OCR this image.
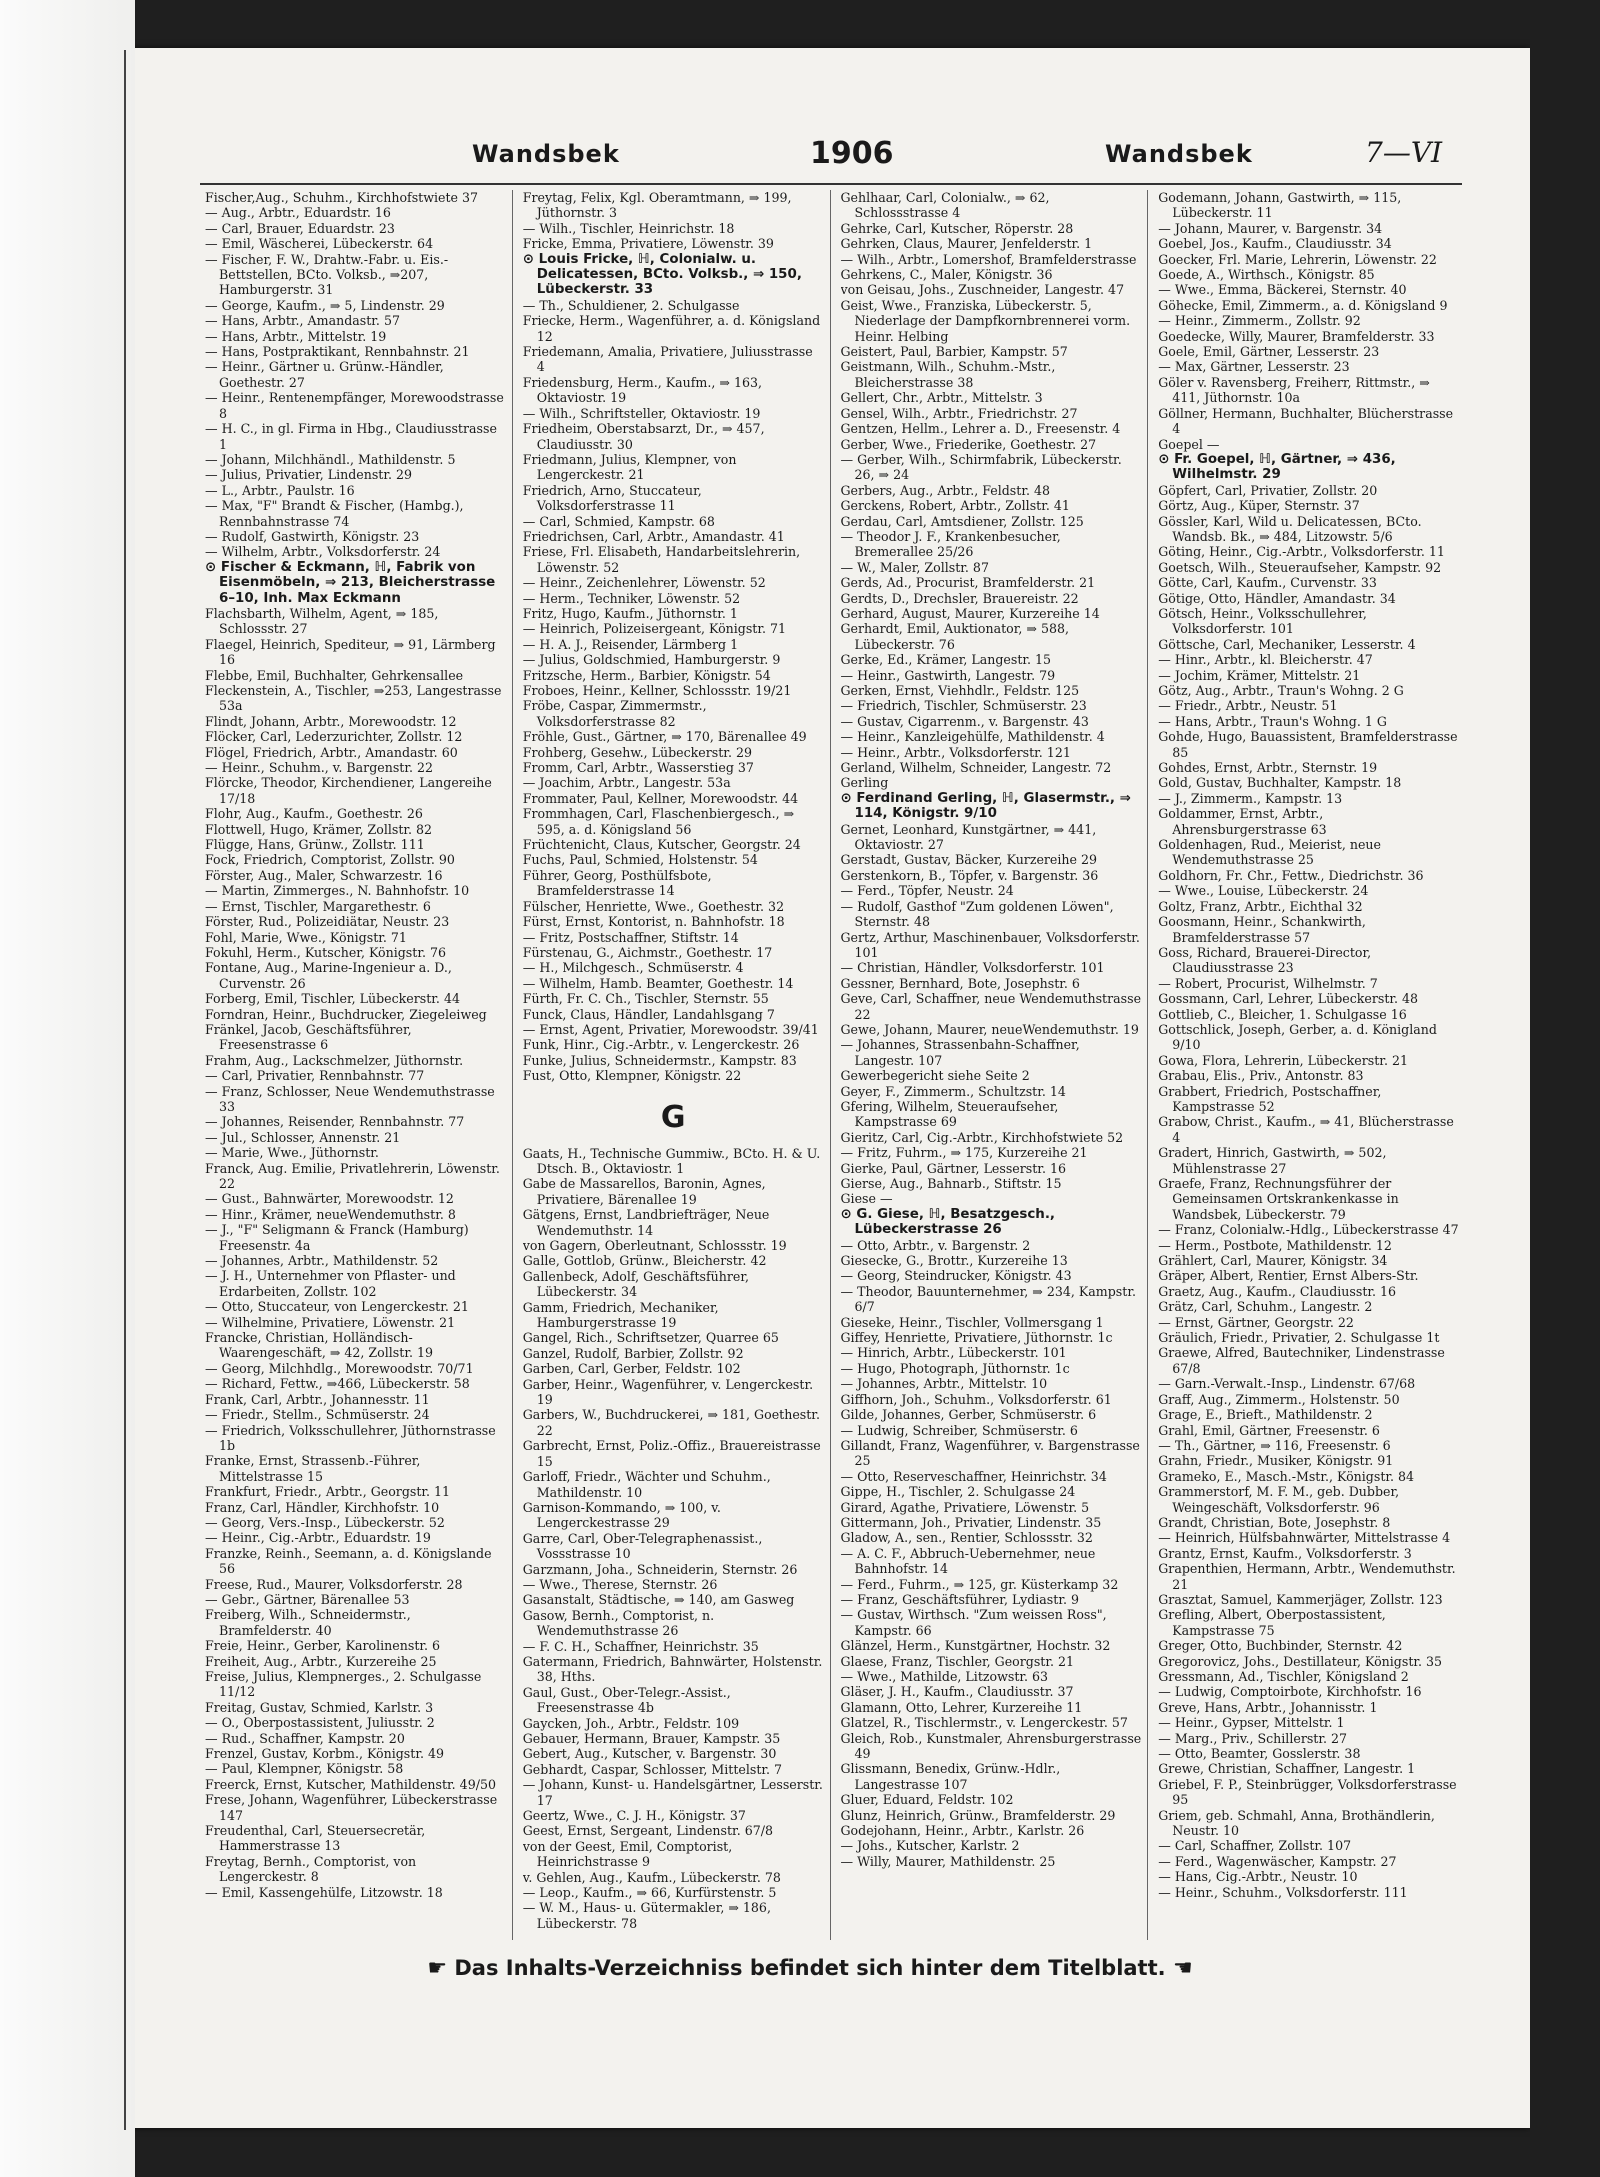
Wandsbek	1906	Wandsbek	7—VI
Fischer,Aug., Schuhm., Kirchhofstwiete 37
— Aug., Arbtr., Eduardstr. 16
— Carl, Brauer, Eduardstr. 23
— Emil, Wäscherei, Lübeckerstr. 64
— Fischer, F. W., Drahtw.-Fabr. u. Eis.-Bettstellen, BCto. Volksb., ⇒207, Hamburgerstr. 31
— George, Kaufm., ⇒ 5, Lindenstr. 29
— Hans, Arbtr., Amandastr. 57
— Hans, Arbtr., Mittelstr. 19
— Hans, Postpraktikant, Rennbahnstr. 21
— Heinr., Gärtner u. Grünw.-Händler, Goethestr. 27
— Heinr., Rentenempfänger, Morewoodstrasse 8
— H. C., in gl. Firma in Hbg., Claudiusstrasse 1
— Johann, Milchhändl., Mathildenstr. 5
— Julius, Privatier, Lindenstr. 29
— L., Arbtr., Paulstr. 16
— Max, "F" Brandt & Fischer, (Hambg.), Rennbahnstrasse 74
— Rudolf, Gastwirth, Königstr. 23
— Wilhelm, Arbtr., Volksdorferstr. 24
⊙ Fischer & Eckmann, ℍ, Fabrik von Eisenmöbeln, ⇒ 213, Bleicherstrasse 6–10, Inh. Max Eckmann
Flachsbarth, Wilhelm, Agent, ⇒ 185, Schlossstr. 27
Flaegel, Heinrich, Spediteur, ⇒ 91, Lärmberg 16
Flebbe, Emil, Buchhalter, Gehrkensallee
Fleckenstein, A., Tischler, ⇒253, Langestrasse 53a
Flindt, Johann, Arbtr., Morewoodstr. 12
Flöcker, Carl, Lederzurichter, Zollstr. 12
Flögel, Friedrich, Arbtr., Amandastr. 60
— Heinr., Schuhm., v. Bargenstr. 22
Flörcke, Theodor, Kirchendiener, Langereihe 17/18
Flohr, Aug., Kaufm., Goethestr. 26
Flottwell, Hugo, Krämer, Zollstr. 82
Flügge, Hans, Grünw., Zollstr. 111
Fock, Friedrich, Comptorist, Zollstr. 90
Förster, Aug., Maler, Schwarzestr. 16
— Martin, Zimmerges., N. Bahnhofstr. 10
— Ernst, Tischler, Margarethestr. 6
Förster, Rud., Polizeidiätar, Neustr. 23
Fohl, Marie, Wwe., Königstr. 71
Fokuhl, Herm., Kutscher, Königstr. 76
Fontane, Aug., Marine-Ingenieur a. D., Curvenstr. 26
Forberg, Emil, Tischler, Lübeckerstr. 44
Forndran, Heinr., Buchdrucker, Ziegeleiweg
Fränkel, Jacob, Geschäftsführer, Freesenstrasse 6
Frahm, Aug., Lackschmelzer, Jüthornstr.
— Carl, Privatier, Rennbahnstr. 77
— Franz, Schlosser, Neue Wendemuthstrasse 33
— Johannes, Reisender, Rennbahnstr. 77
— Jul., Schlosser, Annenstr. 21
— Marie, Wwe., Jüthornstr.
Franck, Aug. Emilie, Privatlehrerin, Löwenstr. 22
— Gust., Bahnwärter, Morewoodstr. 12
— Hinr., Krämer, neueWendemuthstr. 8
— J., "F" Seligmann & Franck (Hamburg) Freesenstr. 4a
— Johannes, Arbtr., Mathildenstr. 52
— J. H., Unternehmer von Pflaster- und Erdarbeiten, Zollstr. 102
— Otto, Stuccateur, von Lengerckestr. 21
— Wilhelmine, Privatiere, Löwenstr. 21
Francke, Christian, Holländisch-Waarengeschäft, ⇒ 42, Zollstr. 19
— Georg, Milchhdlg., Morewoodstr. 70/71
— Richard, Fettw., ⇒466, Lübeckerstr. 58
Frank, Carl, Arbtr., Johannesstr. 11
— Friedr., Stellm., Schmüserstr. 24
— Friedrich, Volksschullehrer, Jüthornstrasse 1b
Franke, Ernst, Strassenb.-Führer, Mittelstrasse 15
Frankfurt, Friedr., Arbtr., Georgstr. 11
Franz, Carl, Händler, Kirchhofstr. 10
— Georg, Vers.-Insp., Lübeckerstr. 52
— Heinr., Cig.-Arbtr., Eduardstr. 19
Franzke, Reinh., Seemann, a. d. Königslande 56
Freese, Rud., Maurer, Volksdorferstr. 28
— Gebr., Gärtner, Bärenallee 53
Freiberg, Wilh., Schneidermstr., Bramfelderstr. 40
Freie, Heinr., Gerber, Karolinenstr. 6
Freiheit, Aug., Arbtr., Kurzereihe 25
Freise, Julius, Klempnerges., 2. Schulgasse 11/12
Freitag, Gustav, Schmied, Karlstr. 3
— O., Oberpostassistent, Juliusstr. 2
— Rud., Schaffner, Kampstr. 20
Frenzel, Gustav, Korbm., Königstr. 49
— Paul, Klempner, Königstr. 58
Freerck, Ernst, Kutscher, Mathildenstr. 49/50
Frese, Johann, Wagenführer, Lübeckerstrasse 147
Freudenthal, Carl, Steuersecretär, Hammerstrasse 13
Freytag, Bernh., Comptorist, von Lengerckestr. 8
— Emil, Kassengehülfe, Litzowstr. 18
Freytag, Felix, Kgl. Oberamtmann, ⇒ 199, Jüthornstr. 3
— Wilh., Tischler, Heinrichstr. 18
Fricke, Emma, Privatiere, Löwenstr. 39
⊙ Louis Fricke, ℍ, Colonialw. u. Delicatessen, BCto. Volksb., ⇒ 150, Lübeckerstr. 33
— Th., Schuldiener, 2. Schulgasse
Friecke, Herm., Wagenführer, a. d. Königsland 12
Friedemann, Amalia, Privatiere, Juliusstrasse 4
Friedensburg, Herm., Kaufm., ⇒ 163, Oktaviostr. 19
— Wilh., Schriftsteller, Oktaviostr. 19
Friedheim, Oberstabsarzt, Dr., ⇒ 457, Claudiusstr. 30
Friedmann, Julius, Klempner, von Lengerckestr. 21
Friedrich, Arno, Stuccateur, Volksdorferstrasse 11
— Carl, Schmied, Kampstr. 68
Friedrichsen, Carl, Arbtr., Amandastr. 41
Friese, Frl. Elisabeth, Handarbeitslehrerin, Löwenstr. 52
— Heinr., Zeichenlehrer, Löwenstr. 52
— Herm., Techniker, Löwenstr. 52
Fritz, Hugo, Kaufm., Jüthornstr. 1
— Heinrich, Polizeisergeant, Königstr. 71
— H. A. J., Reisender, Lärmberg 1
— Julius, Goldschmied, Hamburgerstr. 9
Fritzsche, Herm., Barbier, Königstr. 54
Froboes, Heinr., Kellner, Schlossstr. 19/21
Fröbe, Caspar, Zimmermstr., Volksdorferstrasse 82
Fröhle, Gust., Gärtner, ⇒ 170, Bärenallee 49
Frohberg, Gesehw., Lübeckerstr. 29
Fromm, Carl, Arbtr., Wasserstieg 37
— Joachim, Arbtr., Langestr. 53a
Frommater, Paul, Kellner, Morewoodstr. 44
Frommhagen, Carl, Flaschenbiergesch., ⇒ 595, a. d. Königsland 56
Früchtenicht, Claus, Kutscher, Georgstr. 24
Fuchs, Paul, Schmied, Holstenstr. 54
Führer, Georg, Posthülfsbote, Bramfelderstrasse 14
Fülscher, Henriette, Wwe., Goethestr. 32
Fürst, Ernst, Kontorist, n. Bahnhofstr. 18
— Fritz, Postschaffner, Stiftstr. 14
Fürstenau, G., Aichmstr., Goethestr. 17
— H., Milchgesch., Schmüserstr. 4
— Wilhelm, Hamb. Beamter, Goethestr. 14
Fürth, Fr. C. Ch., Tischler, Sternstr. 55
Funck, Claus, Händler, Landahlsgang 7
— Ernst, Agent, Privatier, Morewoodstr. 39/41
Funk, Hinr., Cig.-Arbtr., v. Lengerckestr. 26
Funke, Julius, Schneidermstr., Kampstr. 83
Fust, Otto, Klempner, Königstr. 22
G
Gaats, H., Technische Gummiw., BCto. H. & U. Dtsch. B., Oktaviostr. 1
Gabe de Massarellos, Baronin, Agnes, Privatiere, Bärenallee 19
Gätgens, Ernst, Landbriefträger, Neue Wendemuthstr. 14
von Gagern, Oberleutnant, Schlossstr. 19
Galle, Gottlob, Grünw., Bleicherstr. 42
Gallenbeck, Adolf, Geschäftsführer, Lübeckerstr. 34
Gamm, Friedrich, Mechaniker, Hamburgerstrasse 19
Gangel, Rich., Schriftsetzer, Quarree 65
Ganzel, Rudolf, Barbier, Zollstr. 92
Garben, Carl, Gerber, Feldstr. 102
Garber, Heinr., Wagenführer, v. Lengerckestr. 19
Garbers, W., Buchdruckerei, ⇒ 181, Goethestr. 22
Garbrecht, Ernst, Poliz.-Offiz., Brauereistrasse 15
Garloff, Friedr., Wächter und Schuhm., Mathildenstr. 10
Garnison-Kommando, ⇒ 100, v. Lengerckestrasse 29
Garre, Carl, Ober-Telegraphenassist., Vossstrasse 10
Garzmann, Joha., Schneiderin, Sternstr. 26
— Wwe., Therese, Sternstr. 26
Gasanstalt, Städtische, ⇒ 140, am Gasweg
Gasow, Bernh., Comptorist, n. Wendemuthstrasse 26
— F. C. H., Schaffner, Heinrichstr. 35
Gatermann, Friedrich, Bahnwärter, Holstenstr. 38, Hths.
Gaul, Gust., Ober-Telegr.-Assist., Freesenstrasse 4b
Gaycken, Joh., Arbtr., Feldstr. 109
Gebauer, Hermann, Brauer, Kampstr. 35
Gebert, Aug., Kutscher, v. Bargenstr. 30
Gebhardt, Caspar, Schlosser, Mittelstr. 7
— Johann, Kunst- u. Handelsgärtner, Lesserstr. 17
Geertz, Wwe., C. J. H., Königstr. 37
Geest, Ernst, Sergeant, Lindenstr. 67/8
von der Geest, Emil, Comptorist, Heinrichstrasse 9
v. Gehlen, Aug., Kaufm., Lübeckerstr. 78
— Leop., Kaufm., ⇒ 66, Kurfürstenstr. 5
— W. M., Haus- u. Gütermakler, ⇒ 186, Lübeckerstr. 78
Gehlhaar, Carl, Colonialw., ⇒ 62, Schlossstrasse 4
Gehrke, Carl, Kutscher, Röperstr. 28
Gehrken, Claus, Maurer, Jenfelderstr. 1
— Wilh., Arbtr., Lomershof, Bramfelderstrasse
Gehrkens, C., Maler, Königstr. 36
von Geisau, Johs., Zuschneider, Langestr. 47
Geist, Wwe., Franziska, Lübeckerstr. 5, Niederlage der Dampfkornbrennerei vorm. Heinr. Helbing
Geistert, Paul, Barbier, Kampstr. 57
Geistmann, Wilh., Schuhm.-Mstr., Bleicherstrasse 38
Gellert, Chr., Arbtr., Mittelstr. 3
Gensel, Wilh., Arbtr., Friedrichstr. 27
Gentzen, Hellm., Lehrer a. D., Freesenstr. 4
Gerber, Wwe., Friederike, Goethestr. 27
— Gerber, Wilh., Schirmfabrik, Lübeckerstr. 26, ⇒ 24
Gerbers, Aug., Arbtr., Feldstr. 48
Gerckens, Robert, Arbtr., Zollstr. 41
Gerdau, Carl, Amtsdiener, Zollstr. 125
— Theodor J. F., Krankenbesucher, Bremerallee 25/26
— W., Maler, Zollstr. 87
Gerds, Ad., Procurist, Bramfelderstr. 21
Gerdts, D., Drechsler, Brauereistr. 22
Gerhard, August, Maurer, Kurzereihe 14
Gerhardt, Emil, Auktionator, ⇒ 588, Lübeckerstr. 76
Gerke, Ed., Krämer, Langestr. 15
— Heinr., Gastwirth, Langestr. 79
Gerken, Ernst, Viehhdlr., Feldstr. 125
— Friedrich, Tischler, Schmüserstr. 23
— Gustav, Cigarrenm., v. Bargenstr. 43
— Heinr., Kanzleigehülfe, Mathildenstr. 4
— Heinr., Arbtr., Volksdorferstr. 121
Gerland, Wilhelm, Schneider, Langestr. 72
Gerling
⊙ Ferdinand Gerling, ℍ, Glasermstr., ⇒ 114, Königstr. 9/10
Gernet, Leonhard, Kunstgärtner, ⇒ 441, Oktaviostr. 27
Gerstadt, Gustav, Bäcker, Kurzereihe 29
Gerstenkorn, B., Töpfer, v. Bargenstr. 36
— Ferd., Töpfer, Neustr. 24
— Rudolf, Gasthof "Zum goldenen Löwen", Sternstr. 48
Gertz, Arthur, Maschinenbauer, Volksdorferstr. 101
— Christian, Händler, Volksdorferstr. 101
Gessner, Bernhard, Bote, Josephstr. 6
Geve, Carl, Schaffner, neue Wendemuthstrasse 22
Gewe, Johann, Maurer, neueWendemuthstr. 19
— Johannes, Strassenbahn-Schaffner, Langestr. 107
Gewerbegericht siehe Seite 2
Geyer, F., Zimmerm., Schultzstr. 14
Gfering, Wilhelm, Steueraufseher, Kampstrasse 69
Gieritz, Carl, Cig.-Arbtr., Kirchhofstwiete 52
— Fritz, Fuhrm., ⇒ 175, Kurzereihe 21
Gierke, Paul, Gärtner, Lesserstr. 16
Gierse, Aug., Bahnarb., Stiftstr. 15
Giese —
⊙ G. Giese, ℍ, Besatzgesch., Lübeckerstrasse 26
— Otto, Arbtr., v. Bargenstr. 2
Giesecke, G., Brottr., Kurzereihe 13
— Georg, Steindrucker, Königstr. 43
— Theodor, Bauunternehmer, ⇒ 234, Kampstr. 6/7
Gieseke, Heinr., Tischler, Vollmersgang 1
Giffey, Henriette, Privatiere, Jüthornstr. 1c
— Hinrich, Arbtr., Lübeckerstr. 101
— Hugo, Photograph, Jüthornstr. 1c
— Johannes, Arbtr., Mittelstr. 10
Giffhorn, Joh., Schuhm., Volksdorferstr. 61
Gilde, Johannes, Gerber, Schmüserstr. 6
— Ludwig, Schreiber, Schmüserstr. 6
Gillandt, Franz, Wagenführer, v. Bargenstrasse 25
— Otto, Reserveschaffner, Heinrichstr. 34
Gippe, H., Tischler, 2. Schulgasse 24
Girard, Agathe, Privatiere, Löwenstr. 5
Gittermann, Joh., Privatier, Lindenstr. 35
Gladow, A., sen., Rentier, Schlossstr. 32
— A. C. F., Abbruch-Uebernehmer, neue Bahnhofstr. 14
— Ferd., Fuhrm., ⇒ 125, gr. Küsterkamp 32
— Franz, Geschäftsführer, Lydiastr. 9
— Gustav, Wirthsch. "Zum weissen Ross", Kampstr. 66
Glänzel, Herm., Kunstgärtner, Hochstr. 32
Glaese, Franz, Tischler, Georgstr. 21
— Wwe., Mathilde, Litzowstr. 63
Gläser, J. H., Kaufm., Claudiusstr. 37
Glamann, Otto, Lehrer, Kurzereihe 11
Glatzel, R., Tischlermstr., v. Lengerckestr. 57
Gleich, Rob., Kunstmaler, Ahrensburgerstrasse 49
Glissmann, Benedix, Grünw.-Hdlr., Langestrasse 107
Gluer, Eduard, Feldstr. 102
Glunz, Heinrich, Grünw., Bramfelderstr. 29
Godejohann, Heinr., Arbtr., Karlstr. 26
— Johs., Kutscher, Karlstr. 2
— Willy, Maurer, Mathildenstr. 25
Godemann, Johann, Gastwirth, ⇒ 115, Lübeckerstr. 11
— Johann, Maurer, v. Bargenstr. 34
Goebel, Jos., Kaufm., Claudiusstr. 34
Goecker, Frl. Marie, Lehrerin, Löwenstr. 22
Goede, A., Wirthsch., Königstr. 85
— Wwe., Emma, Bäckerei, Sternstr. 40
Göhecke, Emil, Zimmerm., a. d. Königsland 9
— Heinr., Zimmerm., Zollstr. 92
Goedecke, Willy, Maurer, Bramfelderstr. 33
Goele, Emil, Gärtner, Lesserstr. 23
— Max, Gärtner, Lesserstr. 23
Göler v. Ravensberg, Freiherr, Rittmstr., ⇒ 411, Jüthornstr. 10a
Göllner, Hermann, Buchhalter, Blücherstrasse 4
Goepel —
⊙ Fr. Goepel, ℍ, Gärtner, ⇒ 436, Wilhelmstr. 29
Göpfert, Carl, Privatier, Zollstr. 20
Görtz, Aug., Küper, Sternstr. 37
Gössler, Karl, Wild u. Delicatessen, BCto. Wandsb. Bk., ⇒ 484, Litzowstr. 5/6
Göting, Heinr., Cig.-Arbtr., Volksdorferstr. 11
Goetsch, Wilh., Steueraufseher, Kampstr. 92
Götte, Carl, Kaufm., Curvenstr. 33
Götige, Otto, Händler, Amandastr. 34
Götsch, Heinr., Volksschullehrer, Volksdorferstr. 101
Göttsche, Carl, Mechaniker, Lesserstr. 4
— Hinr., Arbtr., kl. Bleicherstr. 47
— Jochim, Krämer, Mittelstr. 21
Götz, Aug., Arbtr., Traun's Wohng. 2 G
— Friedr., Arbtr., Neustr. 51
— Hans, Arbtr., Traun's Wohng. 1 G
Gohde, Hugo, Bauassistent, Bramfelderstrasse 85
Gohdes, Ernst, Arbtr., Sternstr. 19
Gold, Gustav, Buchhalter, Kampstr. 18
— J., Zimmerm., Kampstr. 13
Goldammer, Ernst, Arbtr., Ahrensburgerstrasse 63
Goldenhagen, Rud., Meierist, neue Wendemuthstrasse 25
Goldhorn, Fr. Chr., Fettw., Diedrichstr. 36
— Wwe., Louise, Lübeckerstr. 24
Goltz, Franz, Arbtr., Eichthal 32
Goosmann, Heinr., Schankwirth, Bramfelderstrasse 57
Goss, Richard, Brauerei-Director, Claudiusstrasse 23
— Robert, Procurist, Wilhelmstr. 7
Gossmann, Carl, Lehrer, Lübeckerstr. 48
Gottlieb, C., Bleicher, 1. Schulgasse 16
Gottschlick, Joseph, Gerber, a. d. Königland 9/10
Gowa, Flora, Lehrerin, Lübeckerstr. 21
Grabau, Elis., Priv., Antonstr. 83
Grabbert, Friedrich, Postschaffner, Kampstrasse 52
Grabow, Christ., Kaufm., ⇒ 41, Blücherstrasse 4
Gradert, Hinrich, Gastwirth, ⇒ 502, Mühlenstrasse 27
Graefe, Franz, Rechnungsführer der Gemeinsamen Ortskrankenkasse in Wandsbek, Lübeckerstr. 79
— Franz, Colonialw.-Hdlg., Lübeckerstrasse 47
— Herm., Postbote, Mathildenstr. 12
Grählert, Carl, Maurer, Königstr. 34
Gräper, Albert, Rentier, Ernst Albers-Str.
Graetz, Aug., Kaufm., Claudiusstr. 16
Grätz, Carl, Schuhm., Langestr. 2
— Ernst, Gärtner, Georgstr. 22
Gräulich, Friedr., Privatier, 2. Schulgasse 1t
Graewe, Alfred, Bautechniker, Lindenstrasse 67/8
— Garn.-Verwalt.-Insp., Lindenstr. 67/68
Graff, Aug., Zimmerm., Holstenstr. 50
Grage, E., Brieft., Mathildenstr. 2
Grahl, Emil, Gärtner, Freesenstr. 6
— Th., Gärtner, ⇒ 116, Freesenstr. 6
Grahn, Friedr., Musiker, Königstr. 91
Grameko, E., Masch.-Mstr., Königstr. 84
Grammerstorf, M. F. M., geb. Dubber, Weingeschäft, Volksdorferstr. 96
Grandt, Christian, Bote, Josephstr. 8
— Heinrich, Hülfsbahnwärter, Mittelstrasse 4
Grantz, Ernst, Kaufm., Volksdorferstr. 3
Grapenthien, Hermann, Arbtr., Wendemuthstr. 21
Grasztat, Samuel, Kammerjäger, Zollstr. 123
Grefling, Albert, Oberpostassistent, Kampstrasse 75
Greger, Otto, Buchbinder, Sternstr. 42
Gregorovicz, Johs., Destillateur, Königstr. 35
Gressmann, Ad., Tischler, Königsland 2
— Ludwig, Comptoirbote, Kirchhofstr. 16
Greve, Hans, Arbtr., Johannisstr. 1
— Heinr., Gypser, Mittelstr. 1
— Marg., Priv., Schillerstr. 27
— Otto, Beamter, Gosslerstr. 38
Grewe, Christian, Schaffner, Langestr. 1
Griebel, F. P., Steinbrügger, Volksdorferstrasse 95
Griem, geb. Schmahl, Anna, Brothändlerin, Neustr. 10
— Carl, Schaffner, Zollstr. 107
— Ferd., Wagenwäscher, Kampstr. 27
— Hans, Cig.-Arbtr., Neustr. 10
— Heinr., Schuhm., Volksdorferstr. 111
☛ Das Inhalts-Verzeichniss befindet sich hinter dem Titelblatt. ☚
